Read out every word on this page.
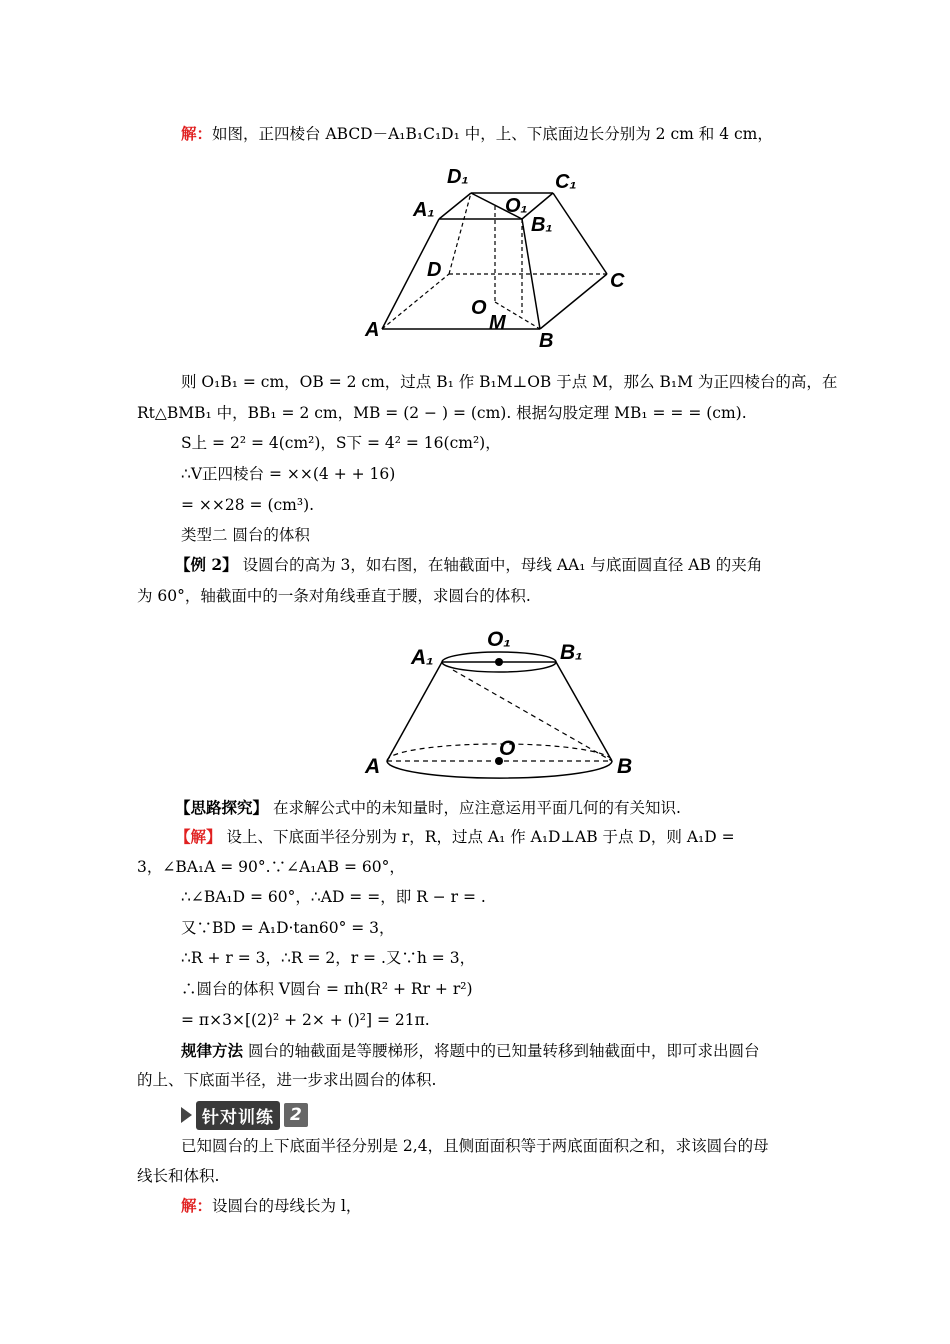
解：如图，正四棱台 ABCD－A₁B₁C₁D₁ 中，上、下底面边长分别为 2 cm 和 4 cm，
A	B
C
D
A₁
B₁
C₁
D₁
O
O₁
M
则 O₁B₁ = cm，OB = 2 cm，过点 B₁ 作 B₁M⊥OB 于点 M，那么 B₁M 为正四棱台的高，在
Rt△BMB₁ 中，BB₁ = 2 cm，MB = (2 − ) = (cm). 根据勾股定理 MB₁ = = = (cm).
S上 = 2² = 4(cm²)，S下 = 4² = 16(cm²)，
∴V正四棱台 = ××(4 + + 16)
= ××28 = (cm³).
类型二 圆台的体积
【例 2】 设圆台的高为 3，如右图，在轴截面中，母线 AA₁ 与底面圆直径 AB 的夹角
为 60°，轴截面中的一条对角线垂直于腰，求圆台的体积.
A	B
O
A₁	B₁
O₁
【思路探究】 在求解公式中的未知量时，应注意运用平面几何的有关知识.
【解】 设上、下底面半径分别为 r，R，过点 A₁ 作 A₁D⊥AB 于点 D，则 A₁D =
3，∠BA₁A = 90°.∵∠A₁AB = 60°，
∴∠BA₁D = 60°，∴AD = =，即 R − r = .
又∵BD = A₁D·tan60° = 3，
∴R + r = 3，∴R = 2，r = .又∵h = 3，
∴圆台的体积 V圆台 = πh(R² + Rr + r²)
= π×3×[(2)² + 2× + ()²] = 21π.
规律方法 圆台的轴截面是等腰梯形，将题中的已知量转移到轴截面中，即可求出圆台
的上、下底面半径，进一步求出圆台的体积.
针对训练 2
已知圆台的上下底面半径分别是 2,4，且侧面面积等于两底面面积之和，求该圆台的母
线长和体积.
解：设圆台的母线长为 l，
